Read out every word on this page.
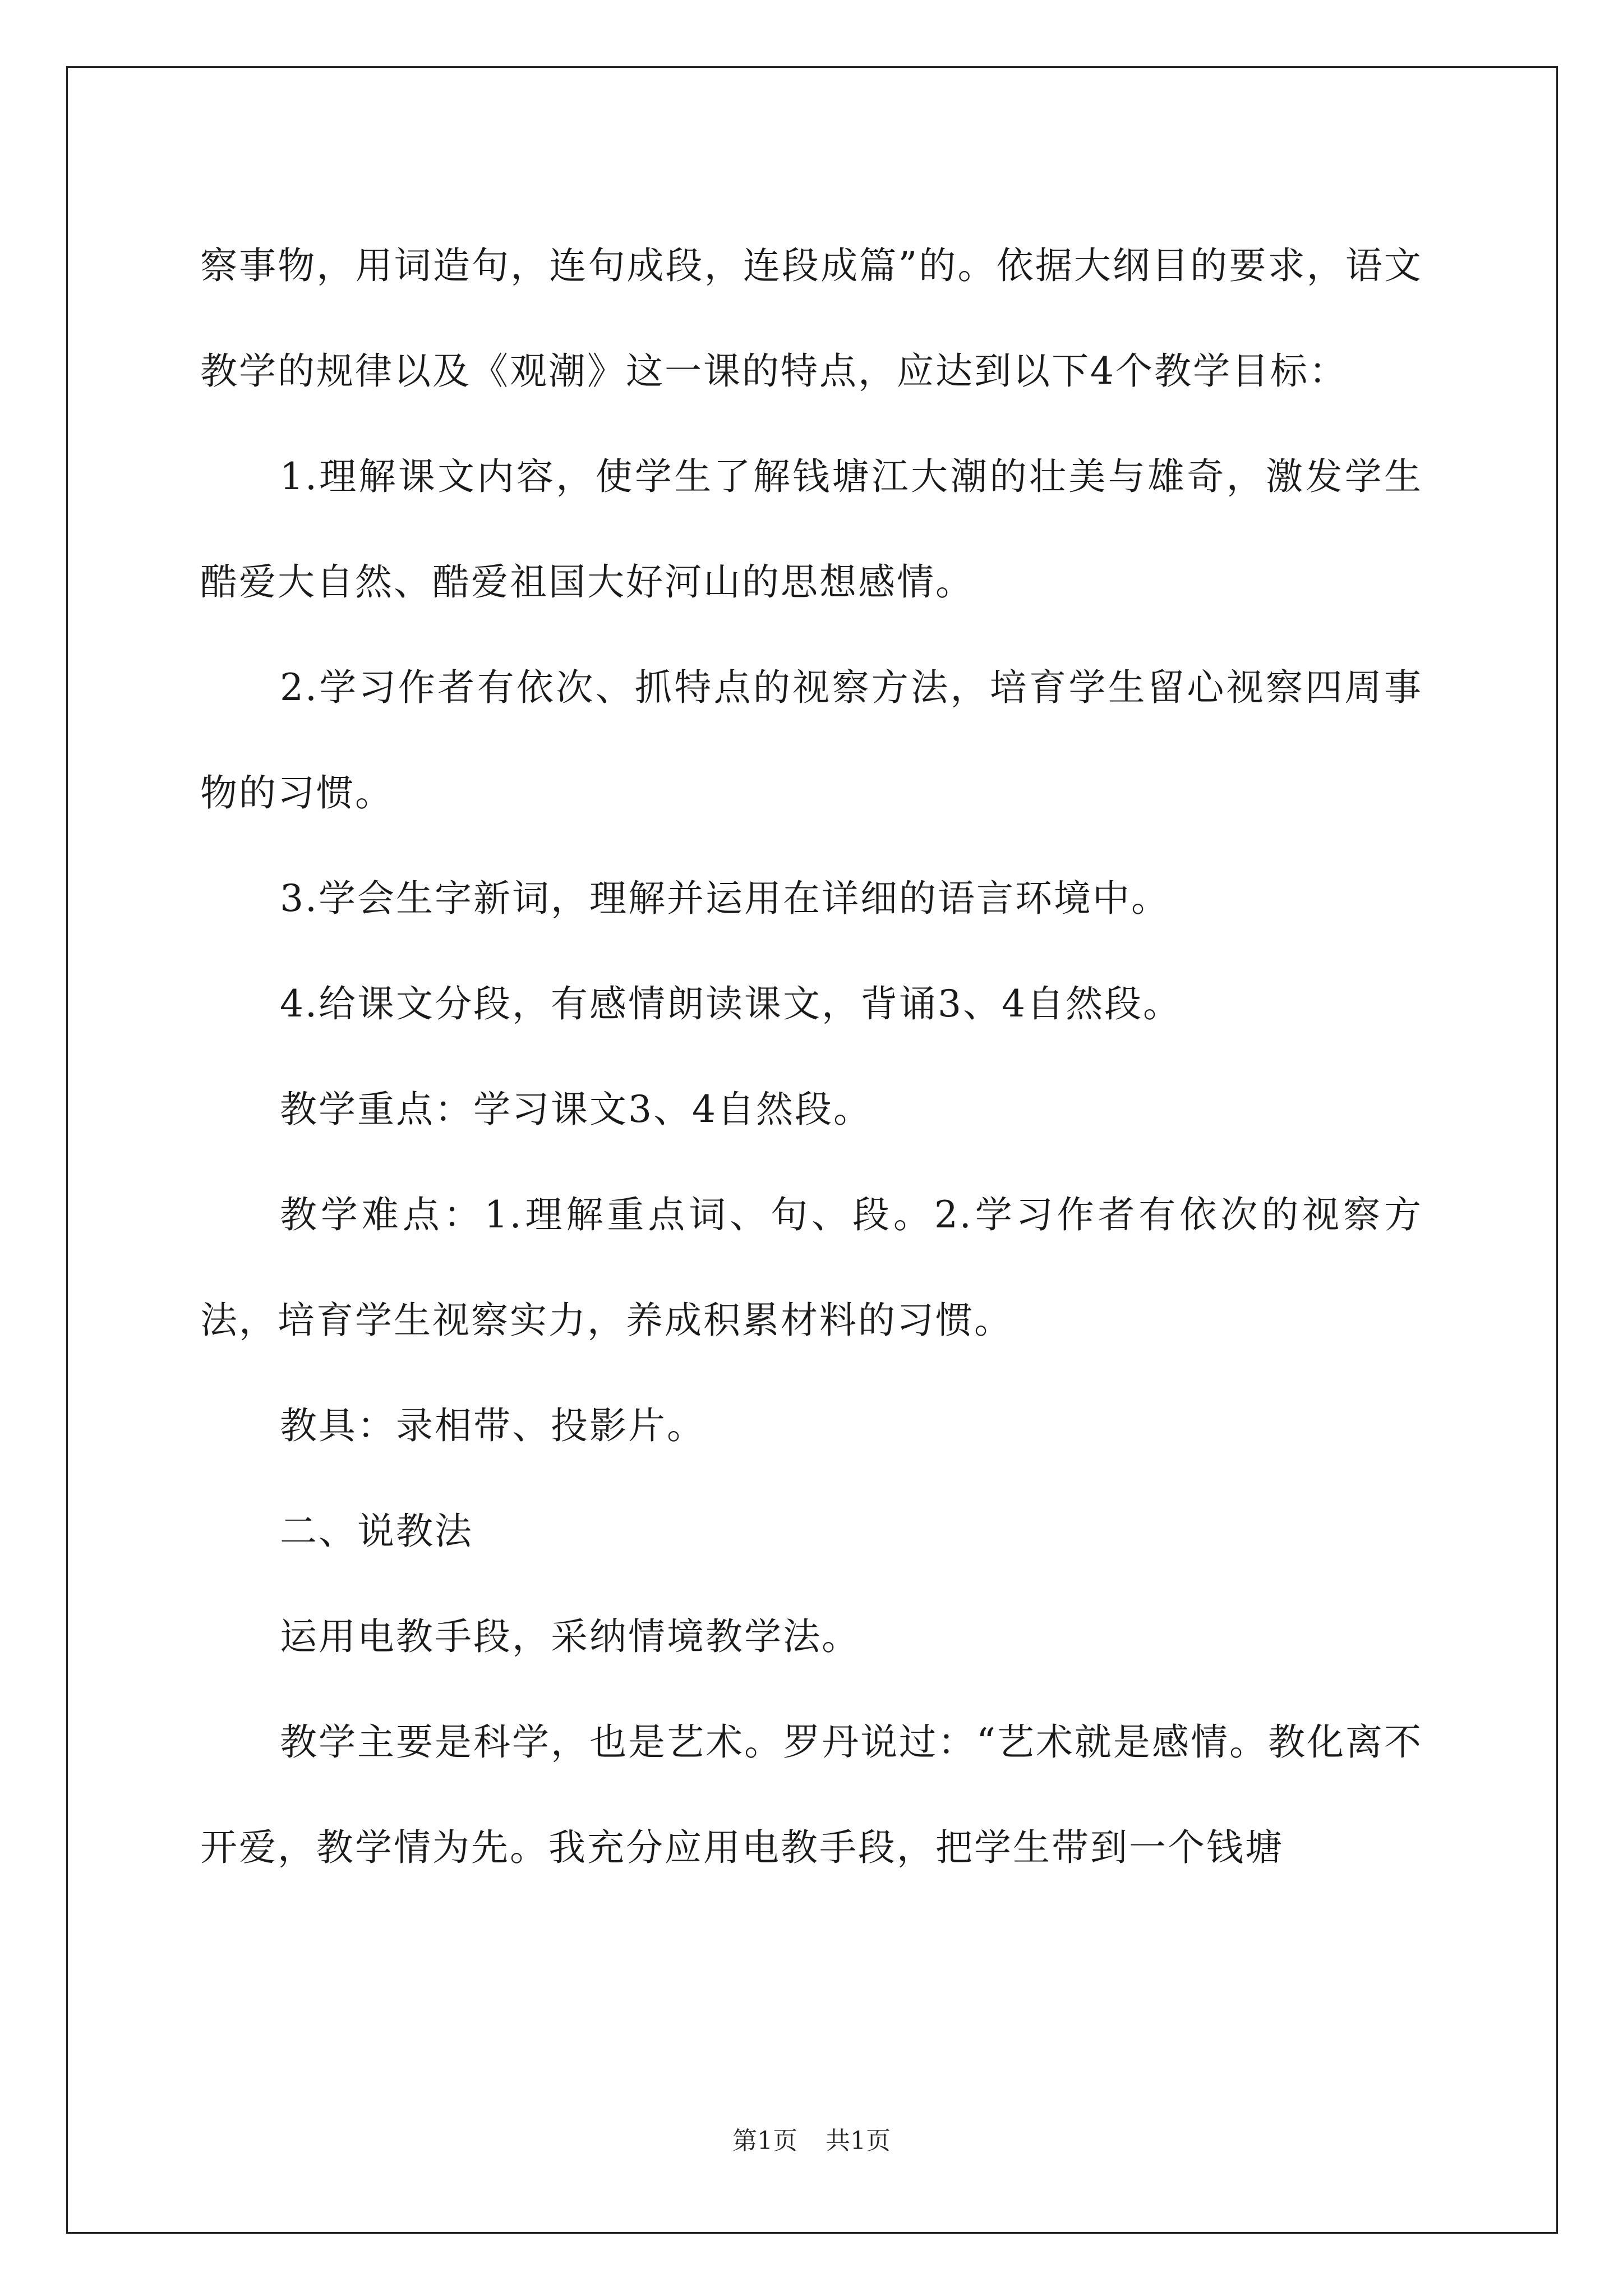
察事物，用词造句，连句成段，连段成篇”的。依据大纲目的要求，语文教学的规律以及《观潮》这一课的特点，应达到以下4个教学目标：

1.理解课文内容，使学生了解钱塘江大潮的壮美与雄奇，激发学生酷爱大自然、酷爱祖国大好河山的思想感情。

2.学习作者有依次、抓特点的视察方法，培育学生留心视察四周事物的习惯。

3.学会生字新词，理解并运用在详细的语言环境中。

4.给课文分段，有感情朗读课文，背诵3、4自然段。

教学重点：学习课文3、4自然段。

教学难点：1.理解重点词、句、段。2.学习作者有依次的视察方法，培育学生视察实力，养成积累材料的习惯。

教具：录相带、投影片。

二、说教法

运用电教手段，采纳情境教学法。

教学主要是科学，也是艺术。罗丹说过：“艺术就是感情。教化离不开爱，教学情为先。我充分应用电教手段，把学生带到一个钱塘

第1页 共1页
